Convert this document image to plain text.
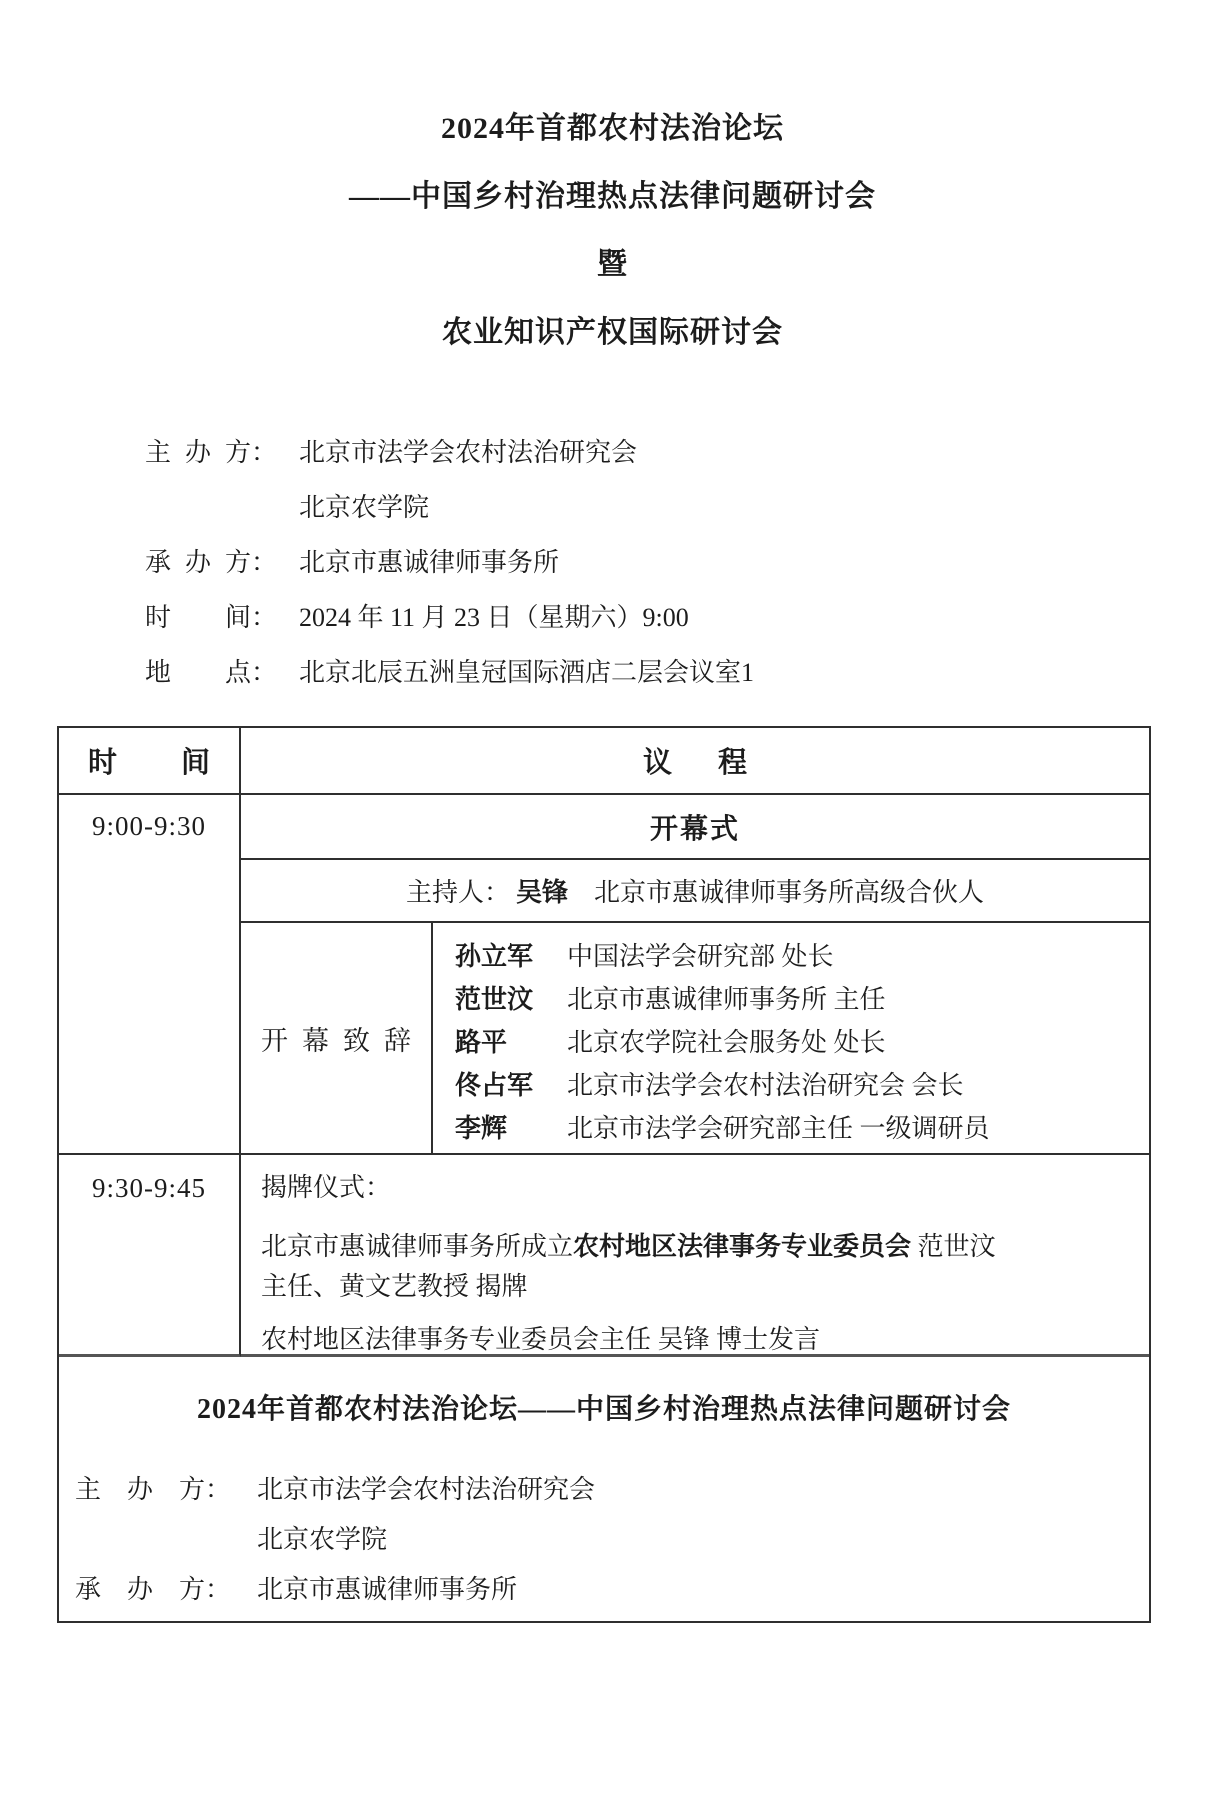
2024年首都农村法治论坛
——中国乡村治理热点法律问题研讨会
暨
农业知识产权国际研讨会
主办方： 北京市法学会农村法治研究会
北京农学院
承办方： 北京市惠诚律师事务所
时间： 2024 年 11 月 23 日（星期六）9:00
地点： 北京北辰五洲皇冠国际酒店二层会议室1
时间	议程
9:00-9:30	开幕式
主持人： 吴锋 北京市惠诚律师事务所高级合伙人
开幕致辞
孙立军 中国法学会研究部 处长
范世汶 北京市惠诚律师事务所 主任
路平 北京农学院社会服务处 处长
佟占军 北京市法学会农村法治研究会 会长
李辉 北京市法学会研究部主任 一级调研员
9:30-9:45	揭牌仪式：
北京市惠诚律师事务所成立农村地区法律事务专业委员会 范世汶
主任、黄文艺教授 揭牌
农村地区法律事务专业委员会主任 吴锋 博士发言
2024年首都农村法治论坛——中国乡村治理热点法律问题研讨会
主办方： 北京市法学会农村法治研究会
北京农学院
承办方： 北京市惠诚律师事务所
